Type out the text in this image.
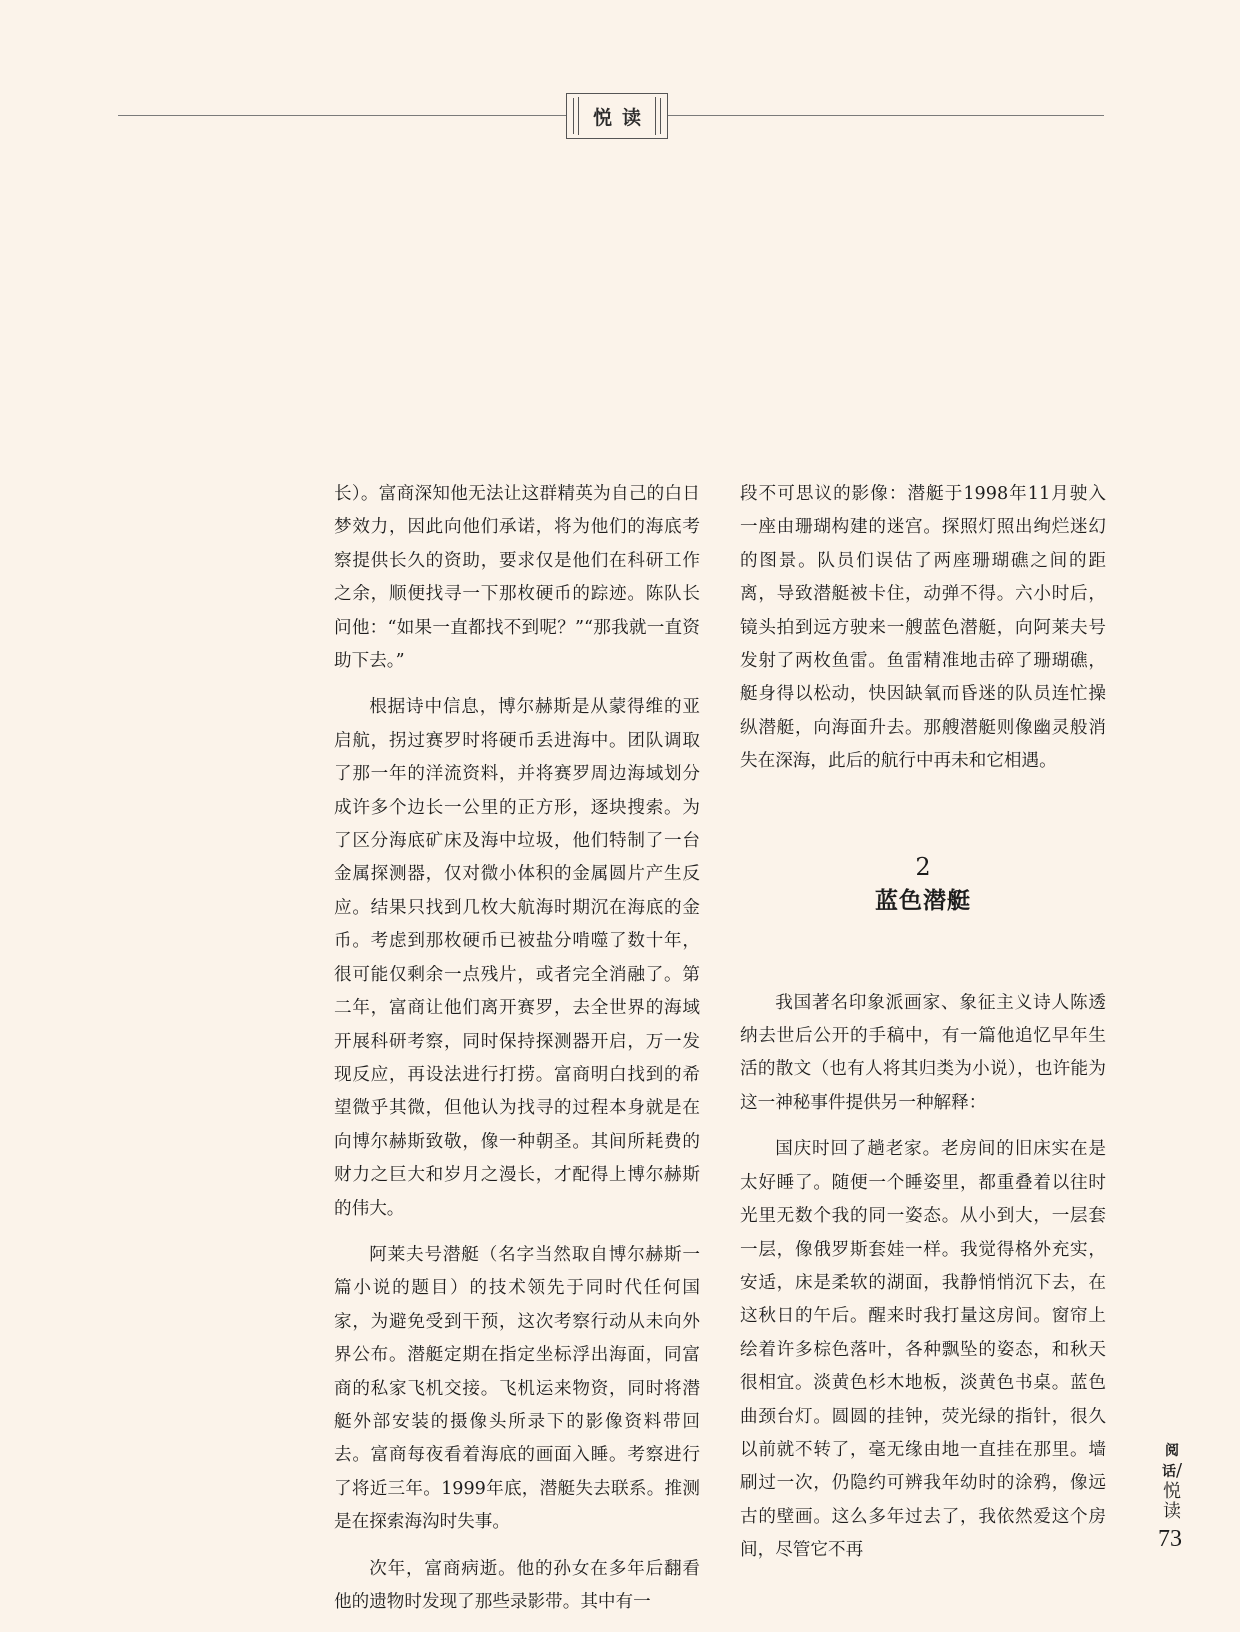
悦读

长）。富商深知他无法让这群精英为自己的白日梦效力，因此向他们承诺，将为他们的海底考察提供长久的资助，要求仅是他们在科研工作之余，顺便找寻一下那枚硬币的踪迹。陈队长问他：“如果一直都找不到呢？”“那我就一直资助下去。”

根据诗中信息，博尔赫斯是从蒙得维的亚启航，拐过赛罗时将硬币丢进海中。团队调取了那一年的洋流资料，并将赛罗周边海域划分成许多个边长一公里的正方形，逐块搜索。为了区分海底矿床及海中垃圾，他们特制了一台金属探测器，仅对微小体积的金属圆片产生反应。结果只找到几枚大航海时期沉在海底的金币。考虑到那枚硬币已被盐分啃噬了数十年，很可能仅剩余一点残片，或者完全消融了。第二年，富商让他们离开赛罗，去全世界的海域开展科研考察，同时保持探测器开启，万一发现反应，再设法进行打捞。富商明白找到的希望微乎其微，但他认为找寻的过程本身就是在向博尔赫斯致敬，像一种朝圣。其间所耗费的财力之巨大和岁月之漫长，才配得上博尔赫斯的伟大。

阿莱夫号潜艇（名字当然取自博尔赫斯一篇小说的题目）的技术领先于同时代任何国家，为避免受到干预，这次考察行动从未向外界公布。潜艇定期在指定坐标浮出海面，同富商的私家飞机交接。飞机运来物资，同时将潜艇外部安装的摄像头所录下的影像资料带回去。富商每夜看着海底的画面入睡。考察进行了将近三年。1999年底，潜艇失去联系。推测是在探索海沟时失事。

次年，富商病逝。他的孙女在多年后翻看他的遗物时发现了那些录影带。其中有一

段不可思议的影像：潜艇于1998年11月驶入一座由珊瑚构建的迷宫。探照灯照出绚烂迷幻的图景。队员们误估了两座珊瑚礁之间的距离，导致潜艇被卡住，动弹不得。六小时后，镜头拍到远方驶来一艘蓝色潜艇，向阿莱夫号发射了两枚鱼雷。鱼雷精准地击碎了珊瑚礁，艇身得以松动，快因缺氧而昏迷的队员连忙操纵潜艇，向海面升去。那艘潜艇则像幽灵般消失在深海，此后的航行中再未和它相遇。

2
蓝色潜艇

我国著名印象派画家、象征主义诗人陈透纳去世后公开的手稿中，有一篇他追忆早年生活的散文（也有人将其归类为小说），也许能为这一神秘事件提供另一种解释：

国庆时回了趟老家。老房间的旧床实在是太好睡了。随便一个睡姿里，都重叠着以往时光里无数个我的同一姿态。从小到大，一层套一层，像俄罗斯套娃一样。我觉得格外充实，安适，床是柔软的湖面，我静悄悄沉下去，在这秋日的午后。醒来时我打量这房间。窗帘上绘着许多棕色落叶，各种飘坠的姿态，和秋天很相宜。淡黄色杉木地板，淡黄色书桌。蓝色曲颈台灯。圆圆的挂钟，荧光绿的指针，很久以前就不转了，毫无缘由地一直挂在那里。墙刷过一次，仍隐约可辨我年幼时的涂鸦，像远古的壁画。这么多年过去了，我依然爱这个房间，尽管它不再

阅话/悦读
73
